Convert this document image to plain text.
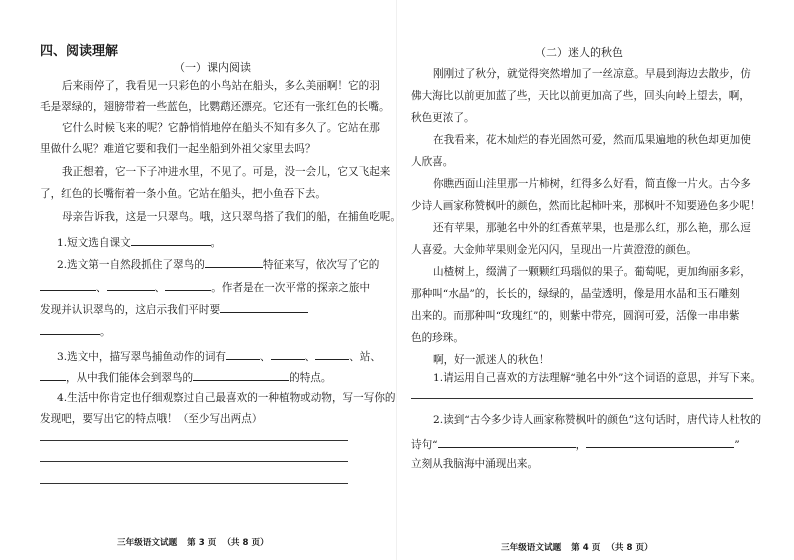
四、阅读理解
（一）课内阅读
后来雨停了，我看见一只彩色的小鸟站在船头，多么美丽啊！它的羽
毛是翠绿的，翅膀带着一些蓝色，比鹦鹉还漂亮。它还有一张红色的长嘴。
它什么时候飞来的呢？它静悄悄地停在船头不知有多久了。它站在那
里做什么呢？难道它要和我们一起坐船到外祖父家里去吗？
我正想着，它一下子冲进水里，不见了。可是，没一会儿，它又飞起来
了，红色的长嘴衔着一条小鱼。它站在船头，把小鱼吞下去。
母亲告诉我，这是一只翠鸟。哦，这只翠鸟搭了我们的船，在捕鱼吃呢。
1.短文选自课文	。
2.选文第一自然段抓住了翠鸟的	特征来写，依次写了它的
、	、	。作者是在一次平常的探亲之旅中
发现并认识翠鸟的，这启示我们平时要
。
3.选文中，描写翠鸟捕鱼动作的词有	、	、	、站、
，从中我们能体会到翠鸟的	的特点。
4.生活中你肯定也仔细观察过自己最喜欢的一种植物或动物，写一写你的
发现吧，要写出它的特点哦！（至少写出两点）
三年级语文试题 第 3 页 （共 8 页）
（二）迷人的秋色
刚刚过了秋分，就觉得突然增加了一丝凉意。早晨到海边去散步，仿
佛大海比以前更加蓝了些，天比以前更加高了些，回头向岭上望去，啊，
秋色更浓了。
在我看来，花木灿烂的春光固然可爱，然而瓜果遍地的秋色却更加使
人欣喜。
你瞧西面山洼里那一片柿树，红得多么好看，简直像一片火。古今多
少诗人画家称赞枫叶的颜色，然而比起柿叶来，那枫叶不知要逊色多少呢！
还有苹果，那驰名中外的红香蕉苹果，也是那么红，那么艳，那么逗
人喜爱。大金帅苹果则金光闪闪，呈现出一片黄澄澄的颜色。
山楂树上，缀满了一颗颗红玛瑙似的果子。葡萄呢，更加绚丽多彩，
那种叫“水晶”的，长长的，绿绿的，晶莹透明，像是用水晶和玉石雕刻
出来的。而那种叫“玫瑰红”的，则紫中带亮，圆润可爱，活像一串串紫
色的珍珠。
啊，好一派迷人的秋色！
1.请运用自己喜欢的方法理解“驰名中外”这个词语的意思，并写下来。
2.读到“古今多少诗人画家称赞枫叶的颜色”这句话时，唐代诗人杜牧的
诗句“	，	”
立刻从我脑海中涌现出来。
三年级语文试题 第 4 页 （共 8 页）
